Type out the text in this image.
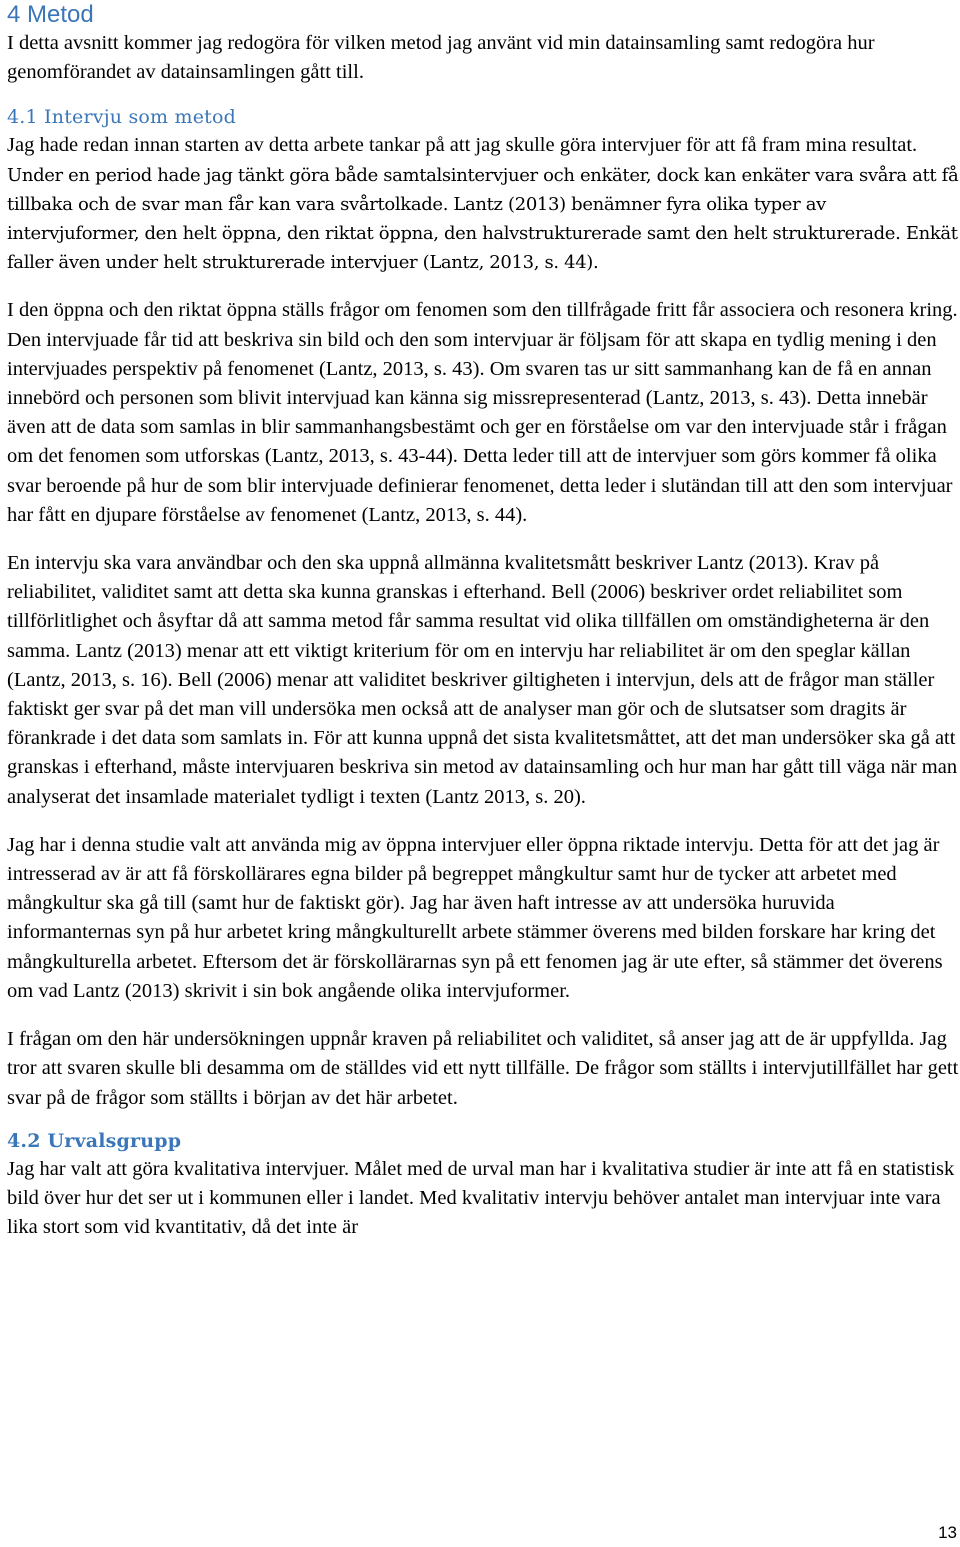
4 Metod

I detta avsnitt kommer jag redogöra för vilken metod jag använt vid min datainsamling samt redogöra hur genomförandet av datainsamlingen gått till.

4.1 Intervju som metod

Jag hade redan innan starten av detta arbete tankar på att jag skulle göra intervjuer för att få fram mina resultat. Under en period hade jag tänkt göra både samtalsintervjuer och enkäter, dock kan enkäter vara svåra att få tillbaka och de svar man får kan vara svårtolkade. Lantz (2013) benämner fyra olika typer av intervjuformer, den helt öppna, den riktat öppna, den halvstrukturerade samt den helt strukturerade. Enkät faller även under helt strukturerade intervjuer (Lantz, 2013, s. 44).

I den öppna och den riktat öppna ställs frågor om fenomen som den tillfrågade fritt får associera och resonera kring. Den intervjuade får tid att beskriva sin bild och den som intervjuar är följsam för att skapa en tydlig mening i den intervjuades perspektiv på fenomenet (Lantz, 2013, s. 43). Om svaren tas ur sitt sammanhang kan de få en annan innebörd och personen som blivit intervjuad kan känna sig missrepresenterad (Lantz, 2013, s. 43). Detta innebär även att de data som samlas in blir sammanhangsbestämt och ger en förståelse om var den intervjuade står i frågan om det fenomen som utforskas (Lantz, 2013, s. 43-44). Detta leder till att de intervjuer som görs kommer få olika svar beroende på hur de som blir intervjuade definierar fenomenet, detta leder i slutändan till att den som intervjuar har fått en djupare förståelse av fenomenet (Lantz, 2013, s. 44).

En intervju ska vara användbar och den ska uppnå allmänna kvalitetsmått beskriver Lantz (2013). Krav på reliabilitet, validitet samt att detta ska kunna granskas i efterhand. Bell (2006) beskriver ordet reliabilitet som tillförlitlighet och åsyftar då att samma metod får samma resultat vid olika tillfällen om omständigheterna är den samma. Lantz (2013) menar att ett viktigt kriterium för om en intervju har reliabilitet är om den speglar källan (Lantz, 2013, s. 16). Bell (2006) menar att validitet beskriver giltigheten i intervjun, dels att de frågor man ställer faktiskt ger svar på det man vill undersöka men också att de analyser man gör och de slutsatser som dragits är förankrade i det data som samlats in. För att kunna uppnå det sista kvalitetsmåttet, att det man undersöker ska gå att granskas i efterhand, måste intervjuaren beskriva sin metod av datainsamling och hur man har gått till väga när man analyserat det insamlade materialet tydligt i texten (Lantz 2013, s. 20).

Jag har i denna studie valt att använda mig av öppna intervjuer eller öppna riktade intervju. Detta för att det jag är intresserad av är att få förskollärares egna bilder på begreppet mångkultur samt hur de tycker att arbetet med mångkultur ska gå till (samt hur de faktiskt gör). Jag har även haft intresse av att undersöka huruvida informanternas syn på hur arbetet kring mångkulturellt arbete stämmer överens med bilden forskare har kring det mångkulturella arbetet. Eftersom det är förskollärarnas syn på ett fenomen jag är ute efter, så stämmer det överens om vad Lantz (2013) skrivit i sin bok angående olika intervjuformer.

I frågan om den här undersökningen uppnår kraven på reliabilitet och validitet, så anser jag att de är uppfyllda. Jag tror att svaren skulle bli desamma om de ställdes vid ett nytt tillfälle. De frågor som ställts i intervjutillfället har gett svar på de frågor som ställts i början av det här arbetet.

4.2 Urvalsgrupp

Jag har valt att göra kvalitativa intervjuer. Målet med de urval man har i kvalitativa studier är inte att få en statistisk bild över hur det ser ut i kommunen eller i landet. Med kvalitativ intervju behöver antalet man intervjuar inte vara lika stort som vid kvantitativ, då det inte är

13
